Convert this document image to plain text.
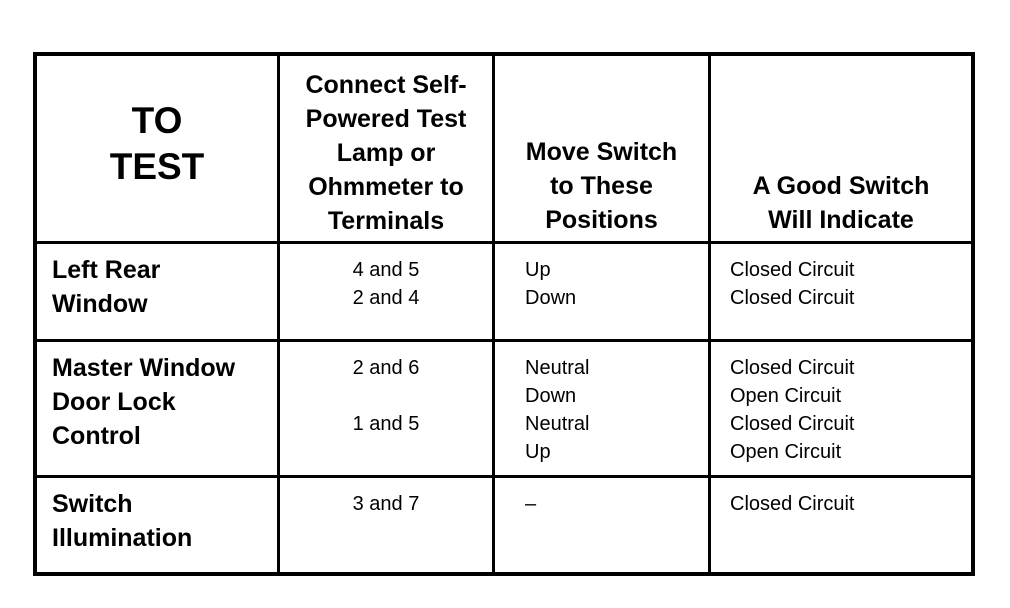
TO
TEST
Connect Self-
Powered Test
Lamp or
Ohmmeter to
Terminals
Move Switch
to These
Positions
A Good Switch
Will Indicate
Left Rear
Window
4 and 5
2 and 4
Up
Down
Closed Circuit
Closed Circuit
Master Window
Door Lock
Control
2 and 6
1 and 5
Neutral
Down
Neutral
Up
Closed Circuit
Open Circuit
Closed Circuit
Open Circuit
Switch
Illumination
3 and 7	–	Closed Circuit
